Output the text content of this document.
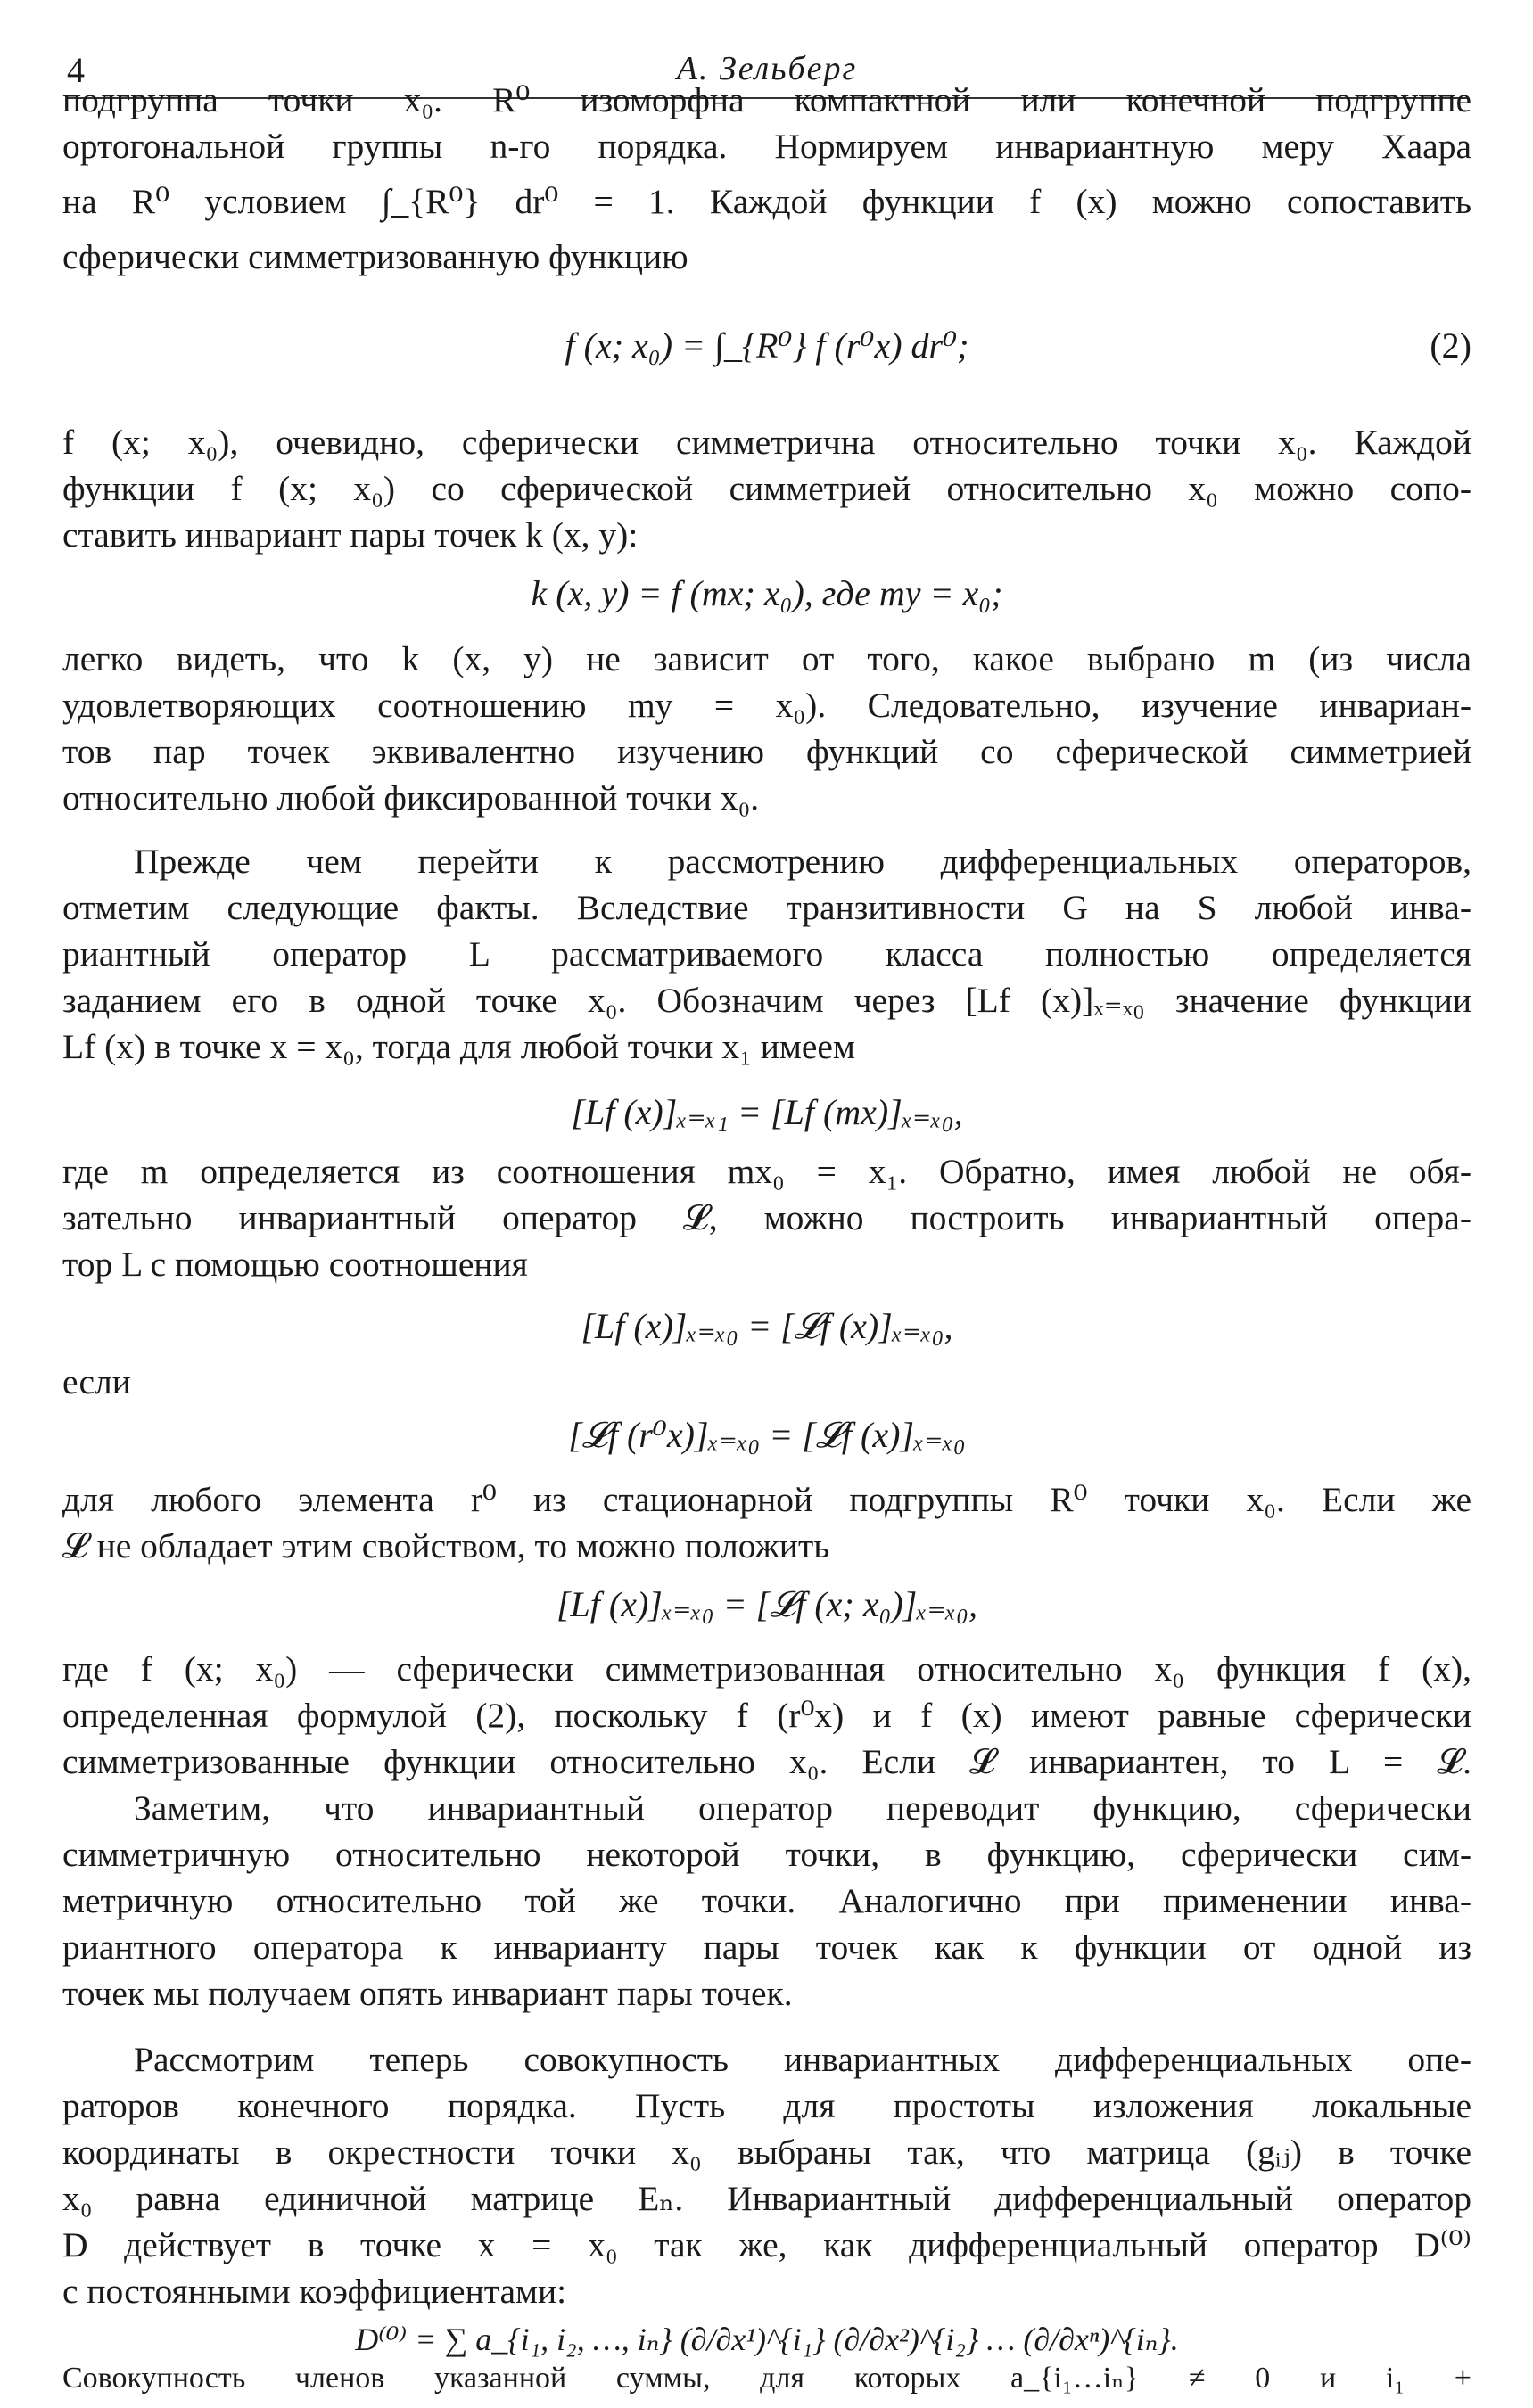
4	А. Зельберг
подгруппа точки x₀. R⁰ изоморфна компактной или конечной подгруппе
ортогональной группы n-го порядка. Нормируем инвариантную меру Хаара
на R⁰ условием ∫_{R⁰} dr⁰ = 1. Каждой функции f (x) можно сопоставить
сферически симметризованную функцию
f (x; x₀) = ∫_{R⁰} f (r⁰x) dr⁰;	(2)
f (x; x₀), очевидно, сферически симметрична относительно точки x₀. Каждой
функции f (x; x₀) со сферической симметрией относительно x₀ можно сопо-
ставить инвариант пары точек k (x, y):
k (x, y) = f (mx; x₀), где my = x₀;
легко видеть, что k (x, y) не зависит от того, какое выбрано m (из числа
удовлетворяющих соотношению my = x₀). Следовательно, изучение инвариан-
тов пар точек эквивалентно изучению функций со сферической симметрией
относительно любой фиксированной точки x₀.
Прежде чем перейти к рассмотрению дифференциальных операторов,
отметим следующие факты. Вследствие транзитивности G на S любой инва-
риантный оператор L рассматриваемого класса полностью определяется
заданием его в одной точке x₀. Обозначим через [Lf (x)]ₓ₌ₓ₀ значение функции
Lf (x) в точке x = x₀, тогда для любой точки x₁ имеем
[Lf (x)]ₓ₌ₓ₁ = [Lf (mx)]ₓ₌ₓ₀,
где m определяется из соотношения mx₀ = x₁. Обратно, имея любой не обя-
зательно инвариантный оператор 𝓛, можно построить инвариантный опера-
тор L с помощью соотношения
[Lf (x)]ₓ₌ₓ₀ = [𝓛f (x)]ₓ₌ₓ₀,
если
[𝓛f (r⁰x)]ₓ₌ₓ₀ = [𝓛f (x)]ₓ₌ₓ₀
для любого элемента r⁰ из стационарной подгруппы R⁰ точки x₀. Если же
𝓛 не обладает этим свойством, то можно положить
[Lf (x)]ₓ₌ₓ₀ = [𝓛f (x; x₀)]ₓ₌ₓ₀,
где f (x; x₀) — сферически симметризованная относительно x₀ функция f (x),
определенная формулой (2), поскольку f (r⁰x) и f (x) имеют равные сферически
симметризованные функции относительно x₀. Если 𝓛 инвариантен, то L = 𝓛.
Заметим, что инвариантный оператор переводит функцию, сферически
симметричную относительно некоторой точки, в функцию, сферически сим-
метричную относительно той же точки. Аналогично при применении инва-
риантного оператора к инварианту пары точек как к функции от одной из
точек мы получаем опять инвариант пары точек.
Рассмотрим теперь совокупность инвариантных дифференциальных опе-
раторов конечного порядка. Пусть для простоты изложения локальные
координаты в окрестности точки x₀ выбраны так, что матрица (gᵢⱼ) в точке
x₀ равна единичной матрице Eₙ. Инвариантный дифференциальный оператор
D действует в точке x = x₀ так же, как дифференциальный оператор D⁽⁰⁾
с постоянными коэффициентами:
D⁽⁰⁾ = ∑ a_{i₁, i₂, …, iₙ} (∂/∂x¹)^{i₁} (∂/∂x²)^{i₂} … (∂/∂xⁿ)^{iₙ}.
Совокупность членов указанной суммы, для которых a_{i₁…iₙ} ≠ 0 и i₁ +
